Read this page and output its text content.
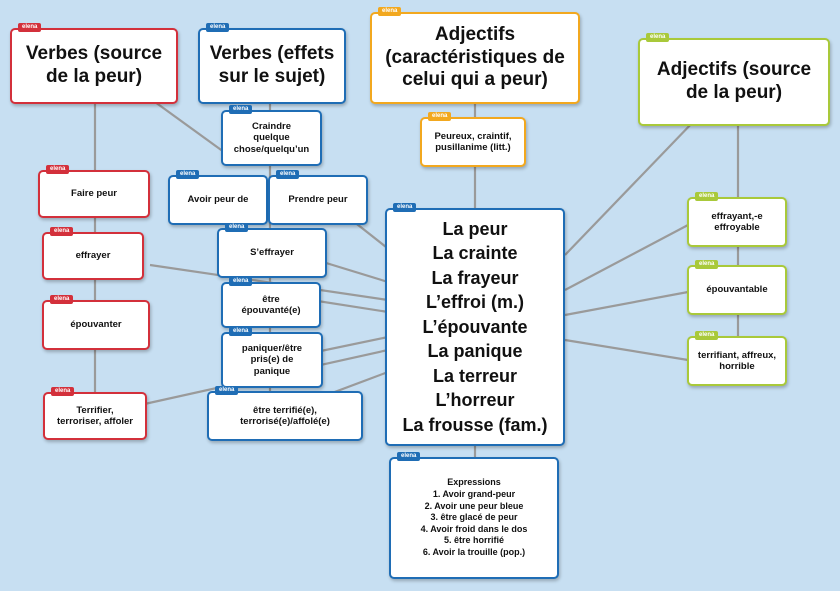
elena
Verbes (source
de la peur)
elena
Faire peur
elena
effrayer
elena
épouvanter
elena
Terrifier,
terroriser, affoler
elena
Verbes (effets
sur le sujet)
elena
Craindre
quelque
chose/quelqu’un
elena
Avoir peur de
elena
Prendre peur
elena
S’effrayer
elena
être
épouvanté(e)
elena
paniquer/être
pris(e) de
panique
elena
être terrifié(e),
terrorisé(e)/affolé(e)
elena
Adjectifs
(caractéristiques de
celui qui a peur)
elena
Peureux, craintif,
pusillanime (litt.)
elena
La peur
La crainte
La frayeur
L’effroi (m.)
L’épouvante
La panique
La terreur
L’horreur
La frousse (fam.)
elena
Expressions
1. Avoir grand-peur
2. Avoir une peur bleue
3. être glacé de peur
4. Avoir froid dans le dos
5. être horrifié
6. Avoir la trouille (pop.)
elena
Adjectifs (source
de la peur)
elena
effrayant,-e
effroyable
elena
épouvantable
elena
terrifiant, affreux,
horrible
